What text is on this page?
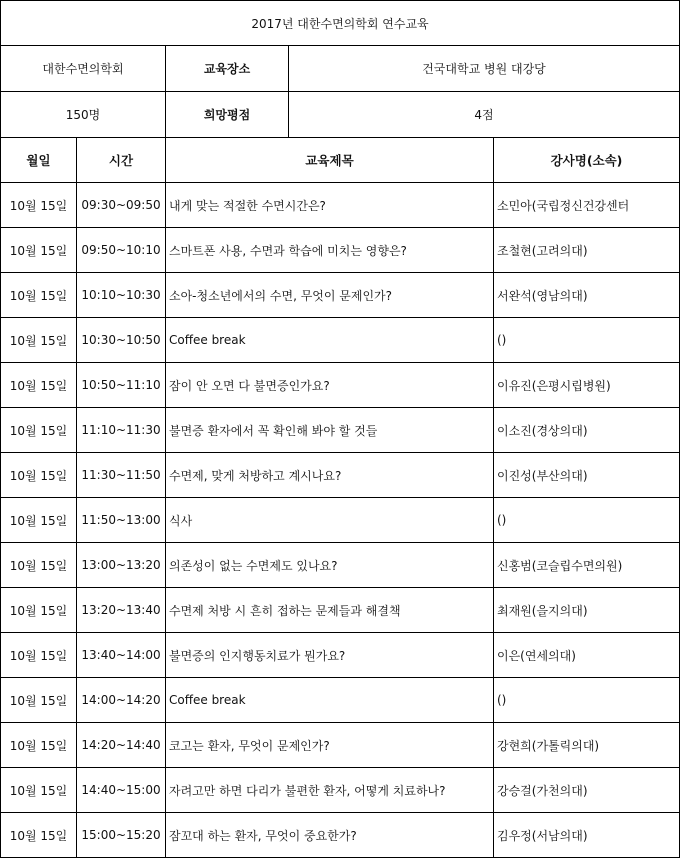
2017년 대한수면의학회 연수교육				
대한수면의학회		교육장소	건국대학교 병원 대강당	
150명		희망평점	4점	
월일	시간	교육제목		강사명(소속)
10월 15일	09:30~09:50	내게 맞는 적절한 수면시간은?		소민아(국립정신건강센터
10월 15일	09:50~10:10	스마트폰 사용, 수면과 학습에 미치는 영향은?		조철현(고려의대)
10월 15일	10:10~10:30	소아-청소년에서의 수면, 무엇이 문제인가?		서완석(영남의대)
10월 15일	10:30~10:50	Coffee break		()
10월 15일	10:50~11:10	잠이 안 오면 다 불면증인가요?		이유진(은평시립병원)
10월 15일	11:10~11:30	불면증 환자에서 꼭 확인해 봐야 할 것들		이소진(경상의대)
10월 15일	11:30~11:50	수면제, 맞게 처방하고 계시나요?		이진성(부산의대)
10월 15일	11:50~13:00	식사		()
10월 15일	13:00~13:20	의존성이 없는 수면제도 있나요?		신홍범(코슬립수면의원)
10월 15일	13:20~13:40	수면제 처방 시 흔히 접하는 문제들과 해결책		최재원(을지의대)
10월 15일	13:40~14:00	불면증의 인지행동치료가 뭔가요?		이은(연세의대)
10월 15일	14:00~14:20	Coffee break		()
10월 15일	14:20~14:40	코고는 환자, 무엇이 문제인가?		강현희(가톨릭의대)
10월 15일	14:40~15:00	자려고만 하면 다리가 불편한 환자, 어떻게 치료하나?		강승걸(가천의대)
10월 15일	15:00~15:20	잠꼬대 하는 환자, 무엇이 중요한가?		김우정(서남의대)
